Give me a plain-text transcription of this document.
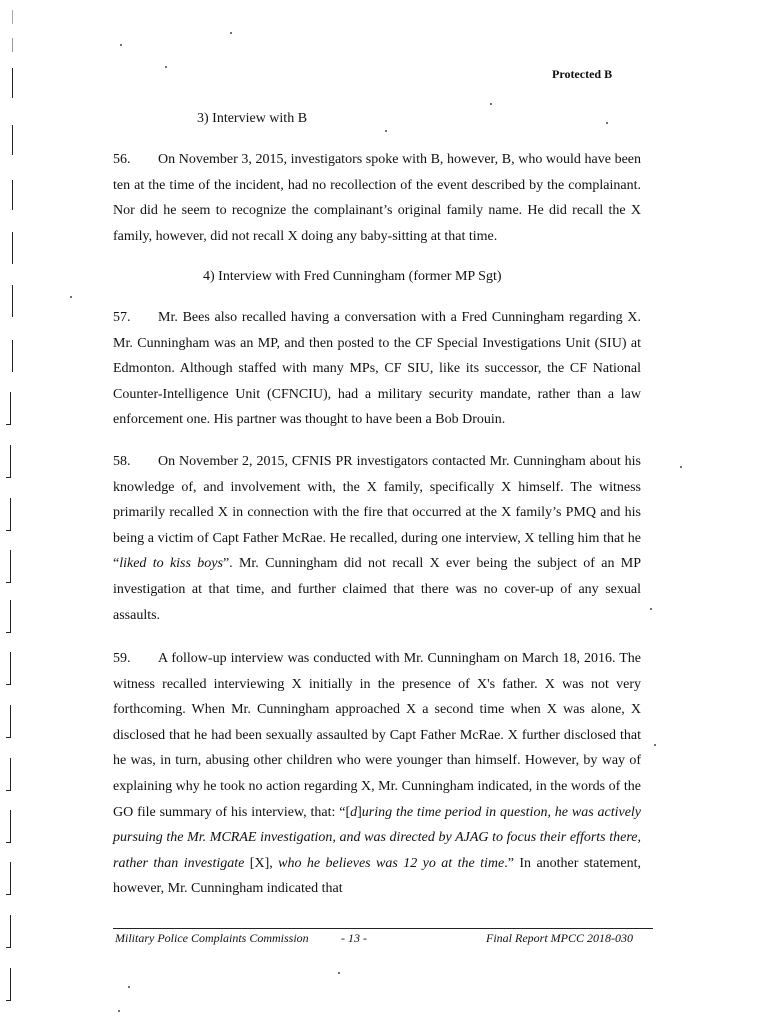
Protected B
3) Interview with B
56. On November 3, 2015, investigators spoke with B, however, B, who would have been ten at the time of the incident, had no recollection of the event described by the complainant. Nor did he seem to recognize the complainant’s original family name. He did recall the X family, however, did not recall X doing any baby-sitting at that time.
4) Interview with Fred Cunningham (former MP Sgt)
57. Mr. Bees also recalled having a conversation with a Fred Cunningham regarding X. Mr. Cunningham was an MP, and then posted to the CF Special Investigations Unit (SIU) at Edmonton. Although staffed with many MPs, CF SIU, like its successor, the CF National Counter-Intelligence Unit (CFNCIU), had a military security mandate, rather than a law enforcement one. His partner was thought to have been a Bob Drouin.
58. On November 2, 2015, CFNIS PR investigators contacted Mr. Cunningham about his knowledge of, and involvement with, the X family, specifically X himself. The witness primarily recalled X in connection with the fire that occurred at the X family’s PMQ and his being a victim of Capt Father McRae. He recalled, during one interview, X telling him that he “liked to kiss boys”. Mr. Cunningham did not recall X ever being the subject of an MP investigation at that time, and further claimed that there was no cover-up of any sexual assaults.
59. A follow-up interview was conducted with Mr. Cunningham on March 18, 2016. The witness recalled interviewing X initially in the presence of X's father. X was not very forthcoming. When Mr. Cunningham approached X a second time when X was alone, X disclosed that he had been sexually assaulted by Capt Father McRae. X further disclosed that he was, in turn, abusing other children who were younger than himself. However, by way of explaining why he took no action regarding X, Mr. Cunningham indicated, in the words of the GO file summary of his interview, that: “[d]uring the time period in question, he was actively pursuing the Mr. MCRAE investigation, and was directed by AJAG to focus their efforts there, rather than investigate [X], who he believes was 12 yo at the time.” In another statement, however, Mr. Cunningham indicated that
Military Police Complaints Commission	- 13 -	Final Report MPCC 2018-030
